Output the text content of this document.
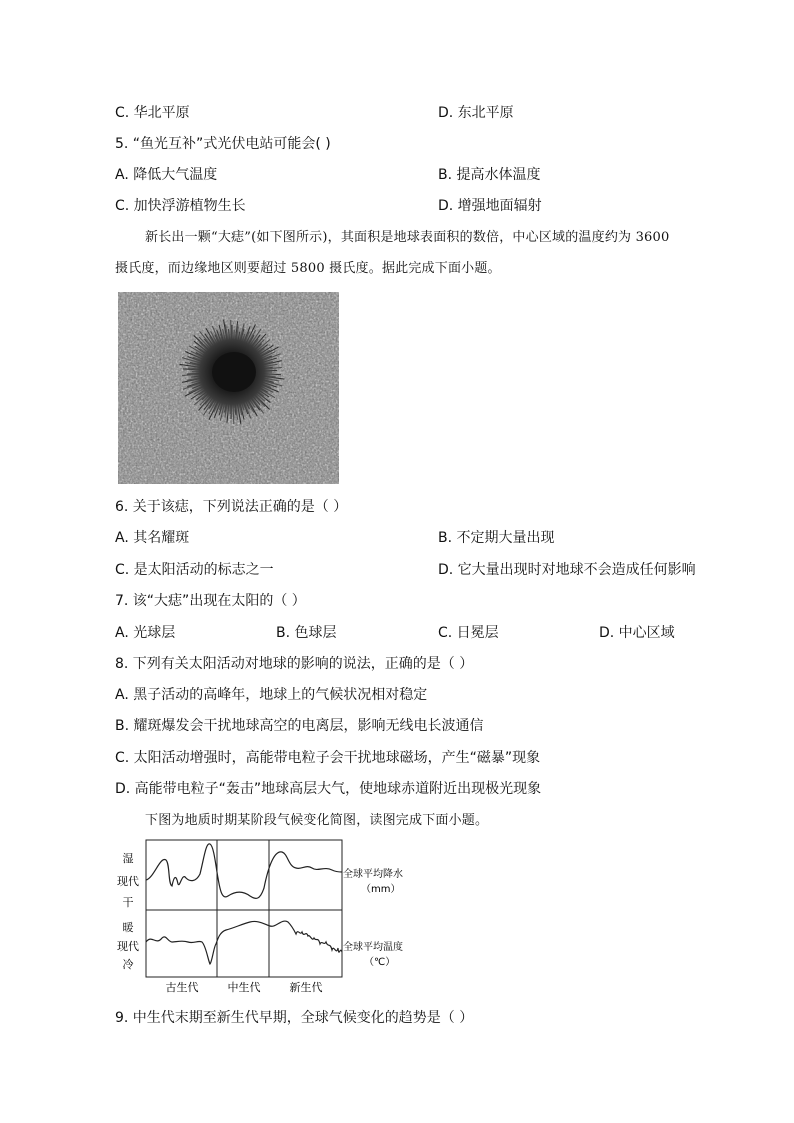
C. 华北平原	D. 东北平原
5. “鱼光互补”式光伏电站可能会( )
A. 降低大气温度	B. 提高水体温度
C. 加快浮游植物生长	D. 增强地面辐射
新长出一颗“大痣”(如下图所示)，其面积是地球表面积的数倍，中心区域的温度约为 3600
摄氏度，而边缘地区则要超过 5800 摄氏度。据此完成下面小题。
6. 关于该痣，下列说法正确的是（ ）
A. 其名耀斑	B. 不定期大量出现
C. 是太阳活动的标志之一	D. 它大量出现时对地球不会造成任何影响
7. 该“大痣”出现在太阳的（ ）
A. 光球层	B. 色球层	C. 日冕层	D. 中心区域
8. 下列有关太阳活动对地球的影响的说法，正确的是（ ）
A. 黑子活动的高峰年，地球上的气候状况相对稳定
B. 耀斑爆发会干扰地球高空的电离层，影响无线电长波通信
C. 太阳活动增强时，高能带电粒子会干扰地球磁场，产生“磁暴”现象
D. 高能带电粒子“轰击”地球高层大气，使地球赤道附近出现极光现象
下图为地质时期某阶段气候变化简图，读图完成下面小题。
湿
现代
干
暖
现代
冷
全球平均降水
（mm）
全球平均温度
（℃）
古生代	中生代	新生代
9. 中生代末期至新生代早期，全球气候变化的趋势是（ ）
